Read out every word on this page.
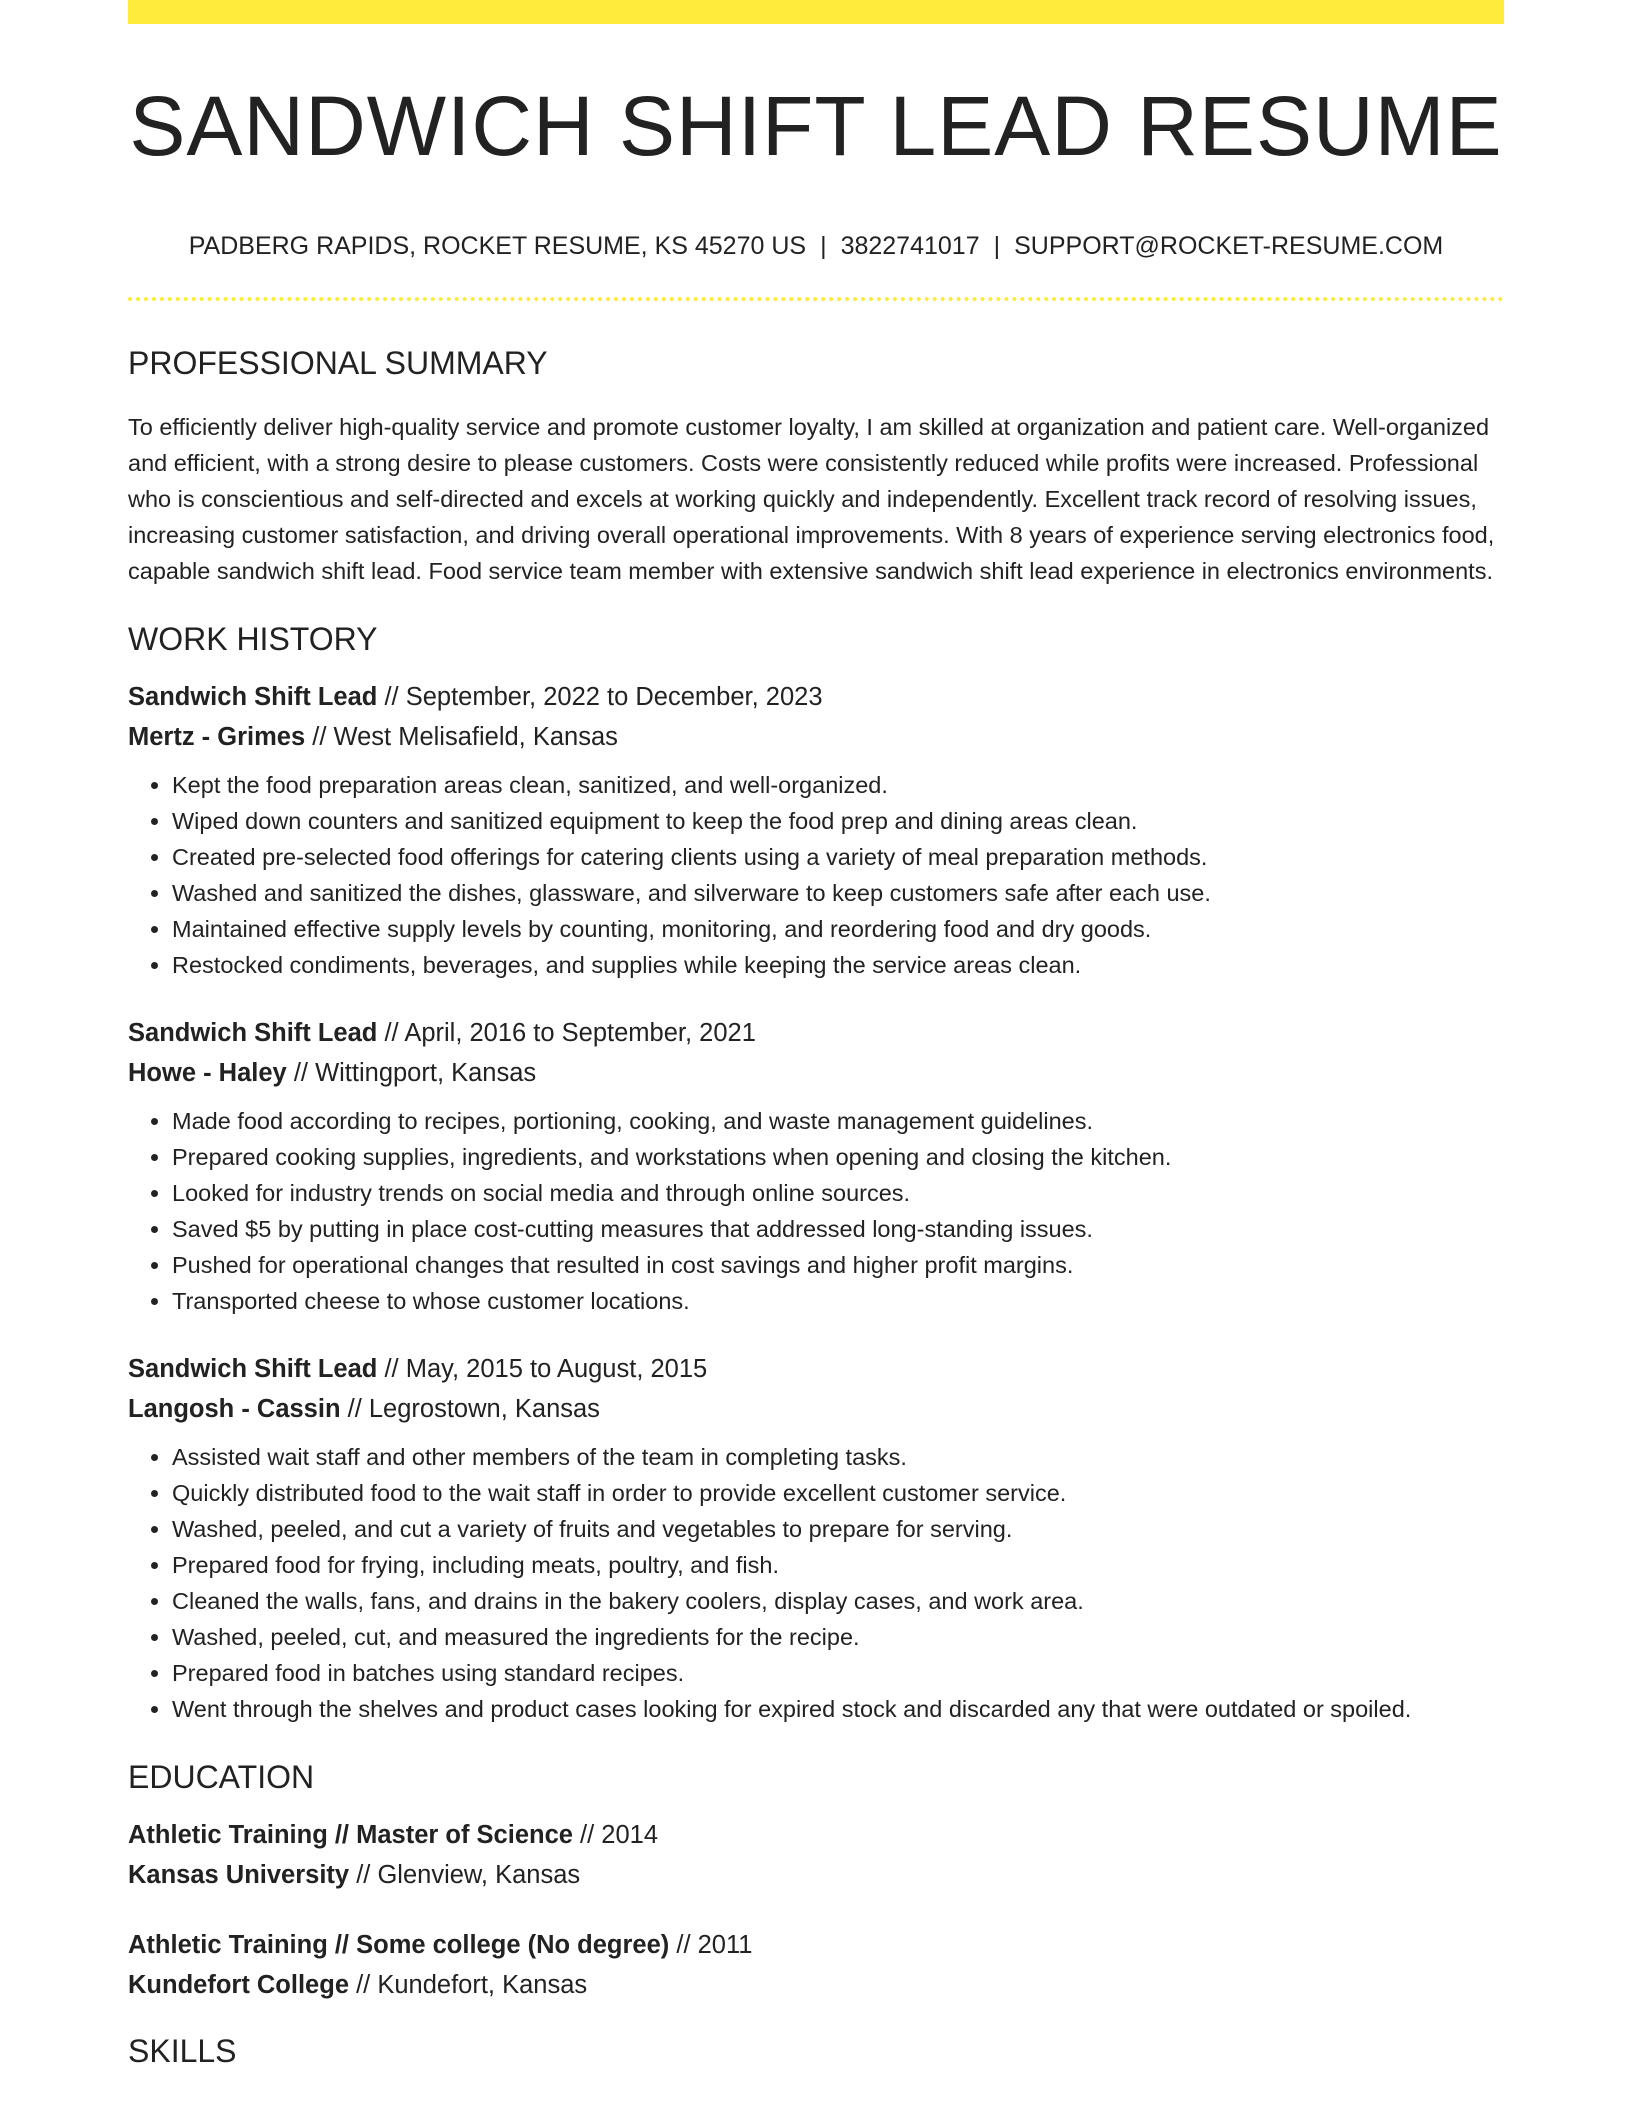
SANDWICH SHIFT LEAD RESUME
PADBERG RAPIDS, ROCKET RESUME, KS 45270 US | 3822741017 | SUPPORT@ROCKET-RESUME.COM
PROFESSIONAL SUMMARY

To efficiently deliver high-quality service and promote customer loyalty, I am skilled at organization and patient care. Well-organized and efficient, with a strong desire to please customers. Costs were consistently reduced while profits were increased. Professional who is conscientious and self-directed and excels at working quickly and independently. Excellent track record of resolving issues, increasing customer satisfaction, and driving overall operational improvements. With 8 years of experience serving electronics food, capable sandwich shift lead. Food service team member with extensive sandwich shift lead experience in electronics environments.

WORK HISTORY
Sandwich Shift Lead // September, 2022 to December, 2023
Mertz - Grimes // West Melisafield, Kansas
• Kept the food preparation areas clean, sanitized, and well-organized.
• Wiped down counters and sanitized equipment to keep the food prep and dining areas clean.
• Created pre-selected food offerings for catering clients using a variety of meal preparation methods.
• Washed and sanitized the dishes, glassware, and silverware to keep customers safe after each use.
• Maintained effective supply levels by counting, monitoring, and reordering food and dry goods.
• Restocked condiments, beverages, and supplies while keeping the service areas clean.
Sandwich Shift Lead // April, 2016 to September, 2021
Howe - Haley // Wittingport, Kansas
• Made food according to recipes, portioning, cooking, and waste management guidelines.
• Prepared cooking supplies, ingredients, and workstations when opening and closing the kitchen.
• Looked for industry trends on social media and through online sources.
• Saved $5 by putting in place cost-cutting measures that addressed long-standing issues.
• Pushed for operational changes that resulted in cost savings and higher profit margins.
• Transported cheese to whose customer locations.
Sandwich Shift Lead // May, 2015 to August, 2015
Langosh - Cassin // Legrostown, Kansas
• Assisted wait staff and other members of the team in completing tasks.
• Quickly distributed food to the wait staff in order to provide excellent customer service.
• Washed, peeled, and cut a variety of fruits and vegetables to prepare for serving.
• Prepared food for frying, including meats, poultry, and fish.
• Cleaned the walls, fans, and drains in the bakery coolers, display cases, and work area.
• Washed, peeled, cut, and measured the ingredients for the recipe.
• Prepared food in batches using standard recipes.
• Went through the shelves and product cases looking for expired stock and discarded any that were outdated or spoiled.
EDUCATION
Athletic Training // Master of Science // 2014
Kansas University // Glenview, Kansas
Athletic Training // Some college (No degree) // 2011
Kundefort College // Kundefort, Kansas
SKILLS
